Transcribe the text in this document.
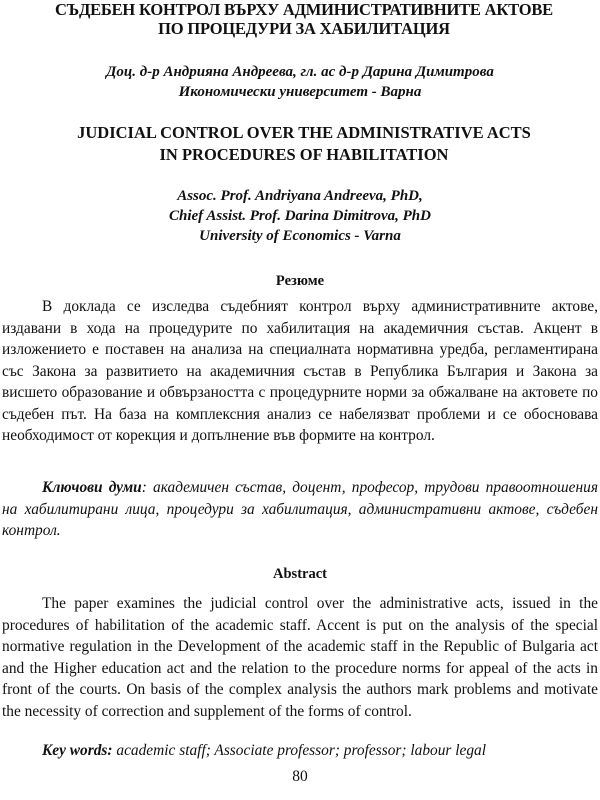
СЪДЕБЕН КОНТРОЛ ВЪРХУ АДМИНИСТРАТИВНИТЕ АКТОВЕ
ПО ПРОЦЕДУРИ ЗА ХАБИЛИТАЦИЯ
Доц. д-р Андрияна Андреева, гл. ас д-р Дарина Димитрова
Икономически университет - Варна
JUDICIAL CONTROL OVER THE ADMINISTRATIVE ACTS
IN PROCEDURES OF HABILITATION
Assoc. Prof. Andriyana Andreeva, PhD,
Chief Assist. Prof. Darina Dimitrova, PhD
University of Economics - Varna
Резюме

В доклада се изследва съдебният контрол върху административните актове, издавани в хода на процедурите по хабилитация на академичния състав. Акцент в изложението е поставен на анализа на специалната нормативна уредба, регламентирана със Закона за развитието на академичния състав в Република България и Закона за висшето образование и обвързаността с процедурните норми за обжалване на актовете по съдебен път. На база на комплексния анализ се набелязват проблеми и се обосновава необходимост от корекция и допълнение във формите на контрол.

Ключови думи: академичен състав, доцент, професор, трудови правоотношения на хабилитирани лица, процедури за хабилитация, административни актове, съдебен контрол.

Abstract

The paper examines the judicial control over the administrative acts, issued in the procedures of habilitation of the academic staff. Accent is put on the analysis of the special normative regulation in the Development of the academic staff in the Republic of Bulgaria act and the Higher education act and the relation to the procedure norms for appeal of the acts in front of the courts. On basis of the complex analysis the authors mark problems and motivate the necessity of correction and supplement of the forms of control.

Key words: academic staff; Associate professor; professor; labour legal

80
